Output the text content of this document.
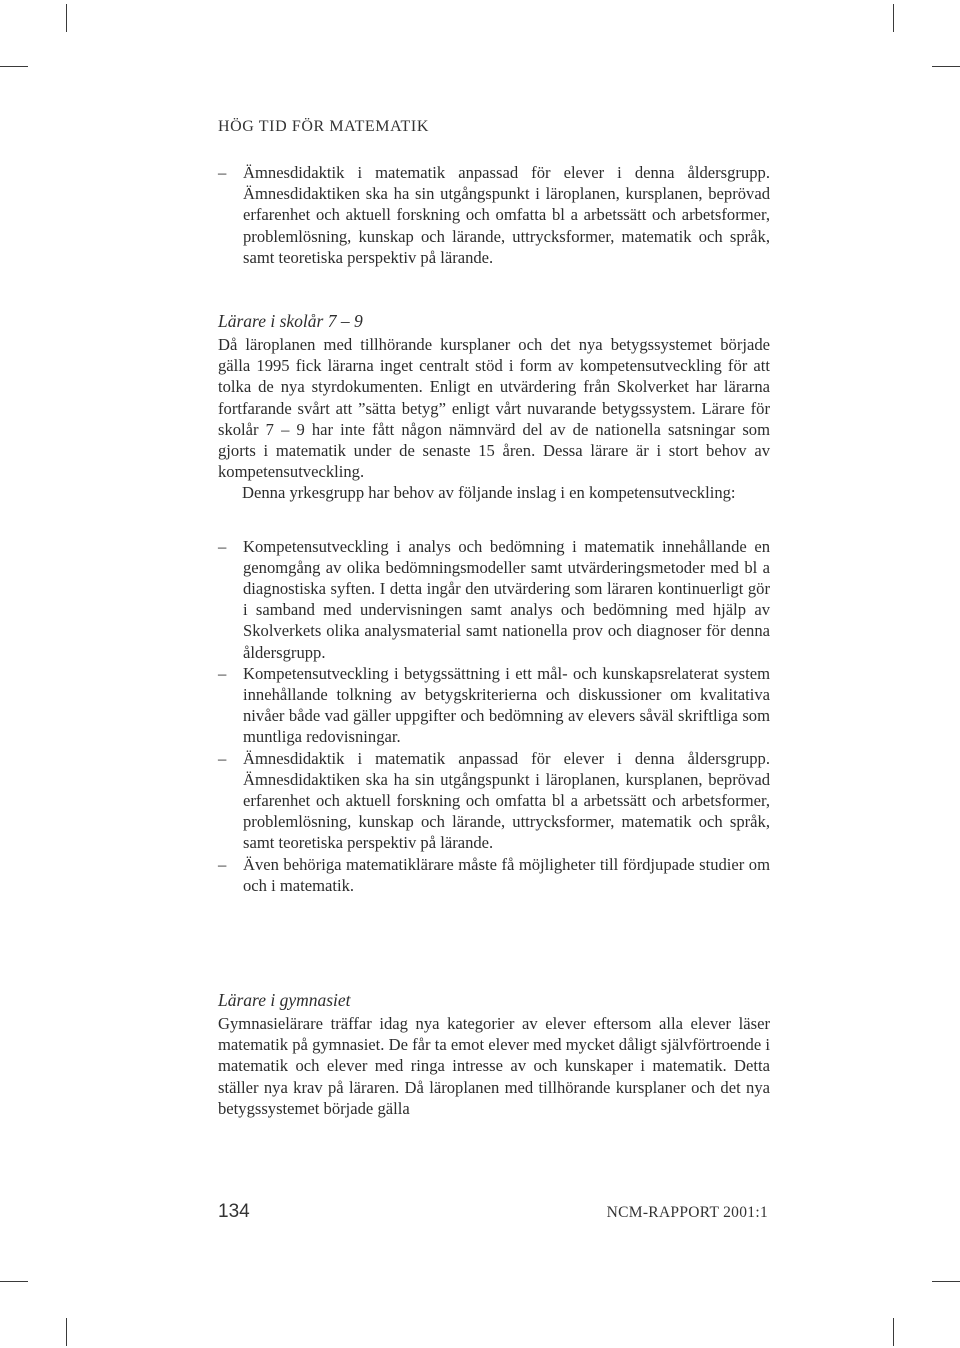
HÖG TID FÖR MATEMATIK
–	Ämnesdidaktik i matematik anpassad för elever i denna åldersgrupp. Ämnesdidaktiken ska ha sin utgångspunkt i läroplanen, kursplanen, beprövad erfarenhet och aktuell forskning och omfatta bl a arbetssätt och arbetsformer, problemlösning, kunskap och lärande, uttrycksformer, matematik och språk, samt teoretiska perspektiv på lärande.
Lärare i skolår 7 – 9

Då läroplanen med tillhörande kursplaner och det nya betygssystemet började gälla 1995 fick lärarna inget centralt stöd i form av kompetensutveckling för att tolka de nya styrdokumenten. Enligt en utvärdering från Skolverket har lärarna fortfarande svårt att ”sätta betyg” enligt vårt nuvarande betygssystem. Lärare för skolår 7 – 9 har inte fått någon nämnvärd del av de nationella satsningar som gjorts i matematik under de senaste 15 åren. Dessa lärare är i stort behov av kompetensutveckling.

Denna yrkesgrupp har behov av följande inslag i en kompetensutveckling:

–	Kompetensutveckling i analys och bedömning i matematik innehållande en genomgång av olika bedömningsmodeller samt utvärderingsmetoder med bl a diagnostiska syften. I detta ingår den utvärdering som läraren kontinuerligt gör i samband med undervisningen samt analys och bedömning med hjälp av Skolverkets olika analysmaterial samt nationella prov och diagnoser för denna åldersgrupp.
–	Kompetensutveckling i betygssättning i ett mål- och kunskapsrelaterat system innehållande tolkning av betygskriterierna och diskussioner om kvalitativa nivåer både vad gäller uppgifter och bedömning av elevers såväl skriftliga som muntliga redovisningar.
–	Ämnesdidaktik i matematik anpassad för elever i denna åldersgrupp. Ämnesdidaktiken ska ha sin utgångspunkt i läroplanen, kursplanen, beprövad erfarenhet och aktuell forskning och omfatta bl a arbetssätt och arbetsformer, problemlösning, kunskap och lärande, uttrycksformer, matematik och språk, samt teoretiska perspektiv på lärande.
–	Även behöriga matematiklärare måste få möjligheter till fördjupade studier om och i matematik.
Lärare i gymnasiet

Gymnasielärare träffar idag nya kategorier av elever eftersom alla elever läser matematik på gymnasiet. De får ta emot elever med mycket dåligt självförtroende i matematik och elever med ringa intresse av och kunskaper i matematik. Detta ställer nya krav på läraren. Då läroplanen med tillhörande kursplaner och det nya betygssystemet började gälla

134	NCM-RAPPORT 2001:1
